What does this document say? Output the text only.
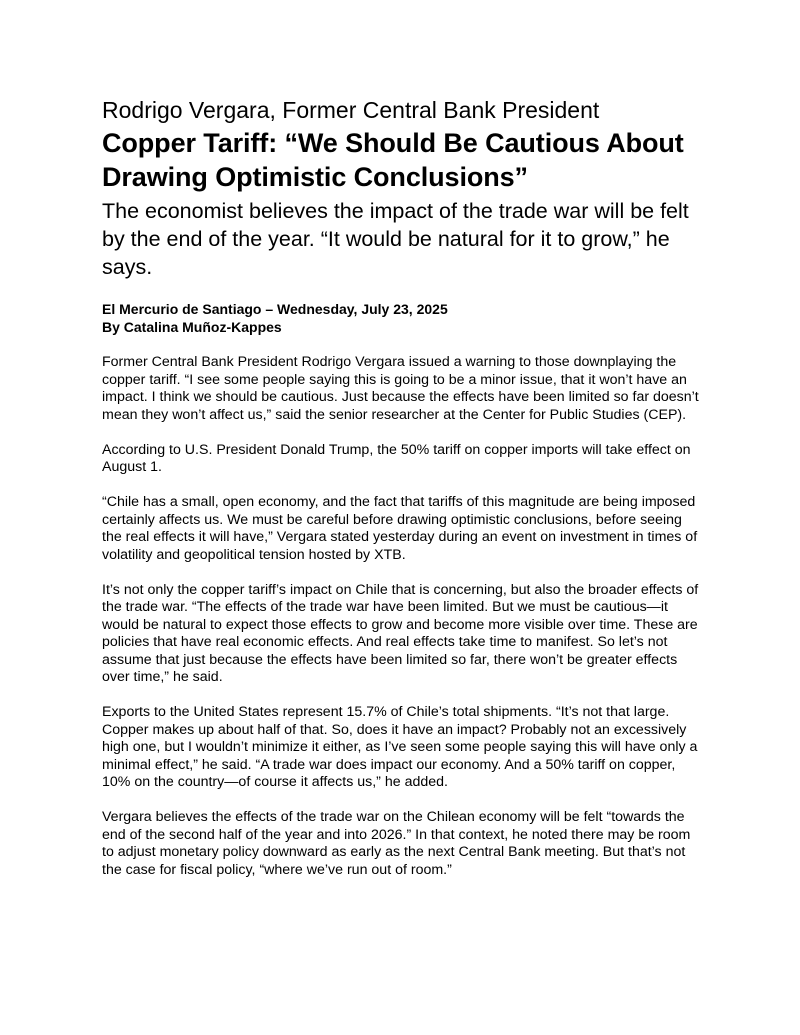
Rodrigo Vergara, Former Central Bank President
Copper Tariff: “We Should Be Cautious About Drawing Optimistic Conclusions”

The economist believes the impact of the trade war will be felt by the end of the year. “It would be natural for it to grow,” he says.

El Mercurio de Santiago – Wednesday, July 23, 2025

By Catalina Muñoz-Kappes

Former Central Bank President Rodrigo Vergara issued a warning to those downplaying the copper tariff. “I see some people saying this is going to be a minor issue, that it won’t have an impact. I think we should be cautious. Just because the effects have been limited so far doesn’t mean they won’t affect us,” said the senior researcher at the Center for Public Studies (CEP).

According to U.S. President Donald Trump, the 50% tariff on copper imports will take effect on August 1.

“Chile has a small, open economy, and the fact that tariffs of this magnitude are being imposed certainly affects us. We must be careful before drawing optimistic conclusions, before seeing the real effects it will have,” Vergara stated yesterday during an event on investment in times of volatility and geopolitical tension hosted by XTB.

It’s not only the copper tariff’s impact on Chile that is concerning, but also the broader effects of the trade war. “The effects of the trade war have been limited. But we must be cautious—it would be natural to expect those effects to grow and become more visible over time. These are policies that have real economic effects. And real effects take time to manifest. So let’s not assume that just because the effects have been limited so far, there won’t be greater effects over time,” he said.

Exports to the United States represent 15.7% of Chile’s total shipments. “It’s not that large. Copper makes up about half of that. So, does it have an impact? Probably not an excessively high one, but I wouldn’t minimize it either, as I’ve seen some people saying this will have only a minimal effect,” he said. “A trade war does impact our economy. And a 50% tariff on copper, 10% on the country—of course it affects us,” he added.

Vergara believes the effects of the trade war on the Chilean economy will be felt “towards the end of the second half of the year and into 2026.” In that context, he noted there may be room to adjust monetary policy downward as early as the next Central Bank meeting. But that’s not the case for fiscal policy, “where we’ve run out of room.”
